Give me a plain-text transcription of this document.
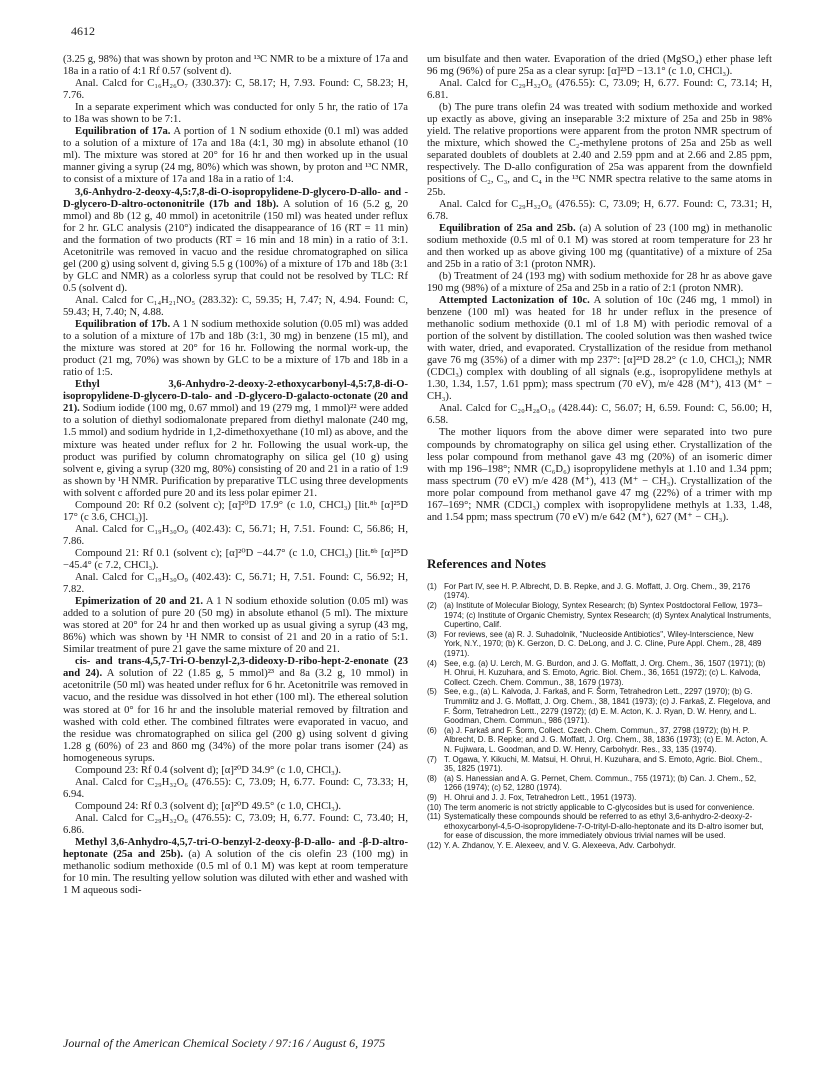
4612

(3.25 g, 98%) that was shown by proton and ¹³C NMR to be a mixture of 17a and 18a in a ratio of 4:1 Rf 0.57 (solvent d).

Anal. Calcd for C₁₆H₂₆O₇ (330.37): C, 58.17; H, 7.93. Found: C, 58.23; H, 7.76.

In a separate experiment which was conducted for only 5 hr, the ratio of 17a to 18a was shown to be 7:1.

Equilibration of 17a. A portion of 1 N sodium ethoxide (0.1 ml) was added to a solution of a mixture of 17a and 18a (4:1, 30 mg) in absolute ethanol (10 ml). The mixture was stored at 20° for 16 hr and then worked up in the usual manner giving a syrup (24 mg, 80%) which was shown, by proton and ¹³C NMR, to consist of a mixture of 17a and 18a in a ratio of 1:4.

3,6-Anhydro-2-deoxy-4,5:7,8-di-O-isopropylidene-D-glycero-D-allo- and -D-glycero-D-altro-octononitrile (17b and 18b). A solution of 16 (5.2 g, 20 mmol) and 8b (12 g, 40 mmol) in acetonitrile (150 ml) was heated under reflux for 2 hr. GLC analysis (210°) indicated the disappearance of 16 (RT = 11 min) and the formation of two products (RT = 16 min and 18 min) in a ratio of 3:1. Acetonitrile was removed in vacuo and the residue chromatographed on silica gel (200 g) using solvent d, giving 5.5 g (100%) of a mixture of 17b and 18b (3:1 by GLC and NMR) as a colorless syrup that could not be resolved by TLC: Rf 0.5 (solvent d).

Anal. Calcd for C₁₄H₂₁NO₅ (283.32): C, 59.35; H, 7.47; N, 4.94. Found: C, 59.43; H, 7.40; N, 4.88.

Equilibration of 17b. A 1 N sodium methoxide solution (0.05 ml) was added to a solution of a mixture of 17b and 18b (3:1, 30 mg) in benzene (15 ml), and the mixture was stored at 20° for 16 hr. Following the normal work-up, the product (21 mg, 70%) was shown by GLC to be a mixture of 17b and 18b in a ratio of 1:5.

Ethyl 3,6-Anhydro-2-deoxy-2-ethoxycarbonyl-4,5:7,8-di-O-isopropylidene-D-glycero-D-talo- and -D-glycero-D-galacto-octonate (20 and 21). Sodium iodide (100 mg, 0.67 mmol) and 19 (279 mg, 1 mmol)²² were added to a solution of diethyl sodiomalonate prepared from diethyl malonate (240 mg, 1.5 mmol) and sodium hydride in 1,2-dimethoxyethane (10 ml) as above, and the mixture was heated under reflux for 2 hr. Following the usual work-up, the product was purified by column chromatography on silica gel (10 g) using solvent e, giving a syrup (320 mg, 80%) consisting of 20 and 21 in a ratio of 1:9 as shown by ¹H NMR. Purification by preparative TLC using three developments with solvent c afforded pure 20 and its less polar epimer 21.

Compound 20: Rf 0.2 (solvent c); [α]²⁰D 17.9° (c 1.0, CHCl₃) [lit.⁸ᵇ [α]²⁵D 17° (c 3.6, CHCl₃)].

Anal. Calcd for C₁₉H₃₀O₉ (402.43): C, 56.71; H, 7.51. Found: C, 56.86; H, 7.86.

Compound 21: Rf 0.1 (solvent c); [α]²⁰D −44.7° (c 1.0, CHCl₃) [lit.⁸ᵇ [α]²⁵D −45.4° (c 7.2, CHCl₃).

Anal. Calcd for C₁₉H₃₀O₉ (402.43): C, 56.71; H, 7.51. Found: C, 56.92; H, 7.82.

Epimerization of 20 and 21. A 1 N sodium ethoxide solution (0.05 ml) was added to a solution of pure 20 (50 mg) in absolute ethanol (5 ml). The mixture was stored at 20° for 24 hr and then worked up as usual giving a syrup (43 mg, 86%) which was shown by ¹H NMR to consist of 21 and 20 in a ratio of 5:1. Similar treatment of pure 21 gave the same mixture of 20 and 21.

cis- and trans-4,5,7-Tri-O-benzyl-2,3-dideoxy-D-ribo-hept-2-enonate (23 and 24). A solution of 22 (1.85 g, 5 mmol)²³ and 8a (3.2 g, 10 mmol) in acetonitrile (50 ml) was heated under reflux for 6 hr. Acetonitrile was removed in vacuo, and the residue was dissolved in hot ether (100 ml). The ethereal solution was stored at 0° for 16 hr and the insoluble material removed by filtration and washed with cold ether. The combined filtrates were evaporated in vacuo, and the residue was chromatographed on silica gel (200 g) using solvent d giving 1.28 g (60%) of 23 and 860 mg (34%) of the more polar trans isomer (24) as homogeneous syrups.

Compound 23: Rf 0.4 (solvent d); [α]²⁰D 34.9° (c 1.0, CHCl₃).

Anal. Calcd for C₂₉H₃₂O₆ (476.55): C, 73.09; H, 6.77. Found: C, 73.33; H, 6.94.

Compound 24: Rf 0.3 (solvent d); [α]²⁰D 49.5° (c 1.0, CHCl₃).

Anal. Calcd for C₂₉H₃₂O₆ (476.55): C, 73.09; H, 6.77. Found: C, 73.40; H, 6.86.

Methyl 3,6-Anhydro-4,5,7-tri-O-benzyl-2-deoxy-β-D-allo- and -β-D-altro-heptonate (25a and 25b). (a) A solution of the cis olefin 23 (100 mg) in methanolic sodium methoxide (0.5 ml of 0.1 M) was kept at room temperature for 10 min. The resulting yellow solution was diluted with ether and washed with 1 M aqueous sodi-

um bisulfate and then water. Evaporation of the dried (MgSO₄) ether phase left 96 mg (96%) of pure 25a as a clear syrup: [α]²³D −13.1° (c 1.0, CHCl₃).

Anal. Calcd for C₂₉H₃₂O₆ (476.55): C, 73.09; H, 6.77. Found: C, 73.14; H, 6.81.

(b) The pure trans olefin 24 was treated with sodium methoxide and worked up exactly as above, giving an inseparable 3:2 mixture of 25a and 25b in 98% yield. The relative proportions were apparent from the proton NMR spectrum of the mixture, which showed the C₂-methylene protons of 25a and 25b as well separated doublets of doublets at 2.40 and 2.59 ppm and at 2.66 and 2.85 ppm, respectively. The D-allo configuration of 25a was apparent from the downfield positions of C₂, C₃, and C₄ in the ¹³C NMR spectra relative to the same atoms in 25b.

Anal. Calcd for C₂₉H₃₂O₆ (476.55): C, 73.09; H, 6.77. Found: C, 73.31; H, 6.78.

Equilibration of 25a and 25b. (a) A solution of 23 (100 mg) in methanolic sodium methoxide (0.5 ml of 0.1 M) was stored at room temperature for 23 hr and then worked up as above giving 100 mg (quantitative) of a mixture of 25a and 25b in a ratio of 3:1 (proton NMR).

(b) Treatment of 24 (193 mg) with sodium methoxide for 28 hr as above gave 190 mg (98%) of a mixture of 25a and 25b in a ratio of 2:1 (proton NMR).

Attempted Lactonization of 10c. A solution of 10c (246 mg, 1 mmol) in benzene (100 ml) was heated for 18 hr under reflux in the presence of methanolic sodium methoxide (0.1 ml of 1.8 M) with periodic removal of a portion of the solvent by distillation. The cooled solution was then washed twice with water, dried, and evaporated. Crystallization of the residue from methanol gave 76 mg (35%) of a dimer with mp 237°: [α]²³D 28.2° (c 1.0, CHCl₃); NMR (CDCl₃) complex with doubling of all signals (e.g., isopropylidene methyls at 1.30, 1.34, 1.57, 1.61 ppm); mass spectrum (70 eV), m/e 428 (M⁺), 413 (M⁺ − CH₃).

Anal. Calcd for C₂₀H₂₈O₁₀ (428.44): C, 56.07; H, 6.59. Found: C, 56.00; H, 6.58.

The mother liquors from the above dimer were separated into two pure compounds by chromatography on silica gel using ether. Crystallization of the less polar compound from methanol gave 43 mg (20%) of an isomeric dimer with mp 196–198°; NMR (C₆D₆) isopropylidene methyls at 1.10 and 1.34 ppm; mass spectrum (70 eV) m/e 428 (M⁺), 413 (M⁺ − CH₃). Crystallization of the more polar compound from methanol gave 47 mg (22%) of a trimer with mp 167–169°; NMR (CDCl₃) complex with isopropylidene methyls at 1.33, 1.48, and 1.54 ppm; mass spectrum (70 eV) m/e 642 (M⁺), 627 (M⁺ − CH₃).

References and Notes
(1) For Part IV, see H. P. Albrecht, D. B. Repke, and J. G. Moffatt, J. Org. Chem., 39, 2176 (1974).
(2) (a) Institute of Molecular Biology, Syntex Research; (b) Syntex Postdoctoral Fellow, 1973–1974; (c) Institute of Organic Chemistry, Syntex Research; (d) Syntex Analytical Instruments, Cupertino, Calif.
(3) For reviews, see (a) R. J. Suhadolnik, "Nucleoside Antibiotics", Wiley-Interscience, New York, N.Y., 1970; (b) K. Gerzon, D. C. DeLong, and J. C. Cline, Pure Appl. Chem., 28, 489 (1971).
(4) See, e.g. (a) U. Lerch, M. G. Burdon, and J. G. Moffatt, J. Org. Chem., 36, 1507 (1971); (b) H. Ohrui, H. Kuzuhara, and S. Emoto, Agric. Biol. Chem., 36, 1651 (1972); (c) L. Kalvoda, Collect. Czech. Chem. Commun., 38, 1679 (1973).
(5) See, e.g., (a) L. Kalvoda, J. Farkaš, and F. Šorm, Tetrahedron Lett., 2297 (1970); (b) G. Trummlitz and J. G. Moffatt, J. Org. Chem., 38, 1841 (1973); (c) J. Farkaš, Z. Flegelova, and F. Šorm, Tetrahedron Lett., 2279 (1972); (d) E. M. Acton, K. J. Ryan, D. W. Henry, and L. Goodman, Chem. Commun., 986 (1971).
(6) (a) J. Farkaš and F. Šorm, Collect. Czech. Chem. Commun., 37, 2798 (1972); (b) H. P. Albrecht, D. B. Repke; and J. G. Moffatt, J. Org. Chem., 38, 1836 (1973); (c) E. M. Acton, A. N. Fujiwara, L. Goodman, and D. W. Henry, Carbohydr. Res., 33, 135 (1974).
(7) T. Ogawa, Y. Kikuchi, M. Matsui, H. Ohrui, H. Kuzuhara, and S. Emoto, Agric. Biol. Chem., 35, 1825 (1971).
(8) (a) S. Hanessian and A. G. Pernet, Chem. Commun., 755 (1971); (b) Can. J. Chem., 52, 1266 (1974); (c) 52, 1280 (1974).
(9) H. Ohrui and J. J. Fox, Tetrahedron Lett., 1951 (1973).
(10) The term anomeric is not strictly applicable to C-glycosides but is used for convenience.
(11) Systematically these compounds should be referred to as ethyl 3,6-anhydro-2-deoxy-2-ethoxycarbonyl-4,5-O-isopropylidene-7-O-trityl-D-allo-heptonate and its D-altro isomer but, for ease of discussion, the more immediately obvious trivial names will be used.
(12) Y. A. Zhdanov, Y. E. Alexeev, and V. G. Alexeeva, Adv. Carbohydr.
Journal of the American Chemical Society / 97:16 / August 6, 1975
